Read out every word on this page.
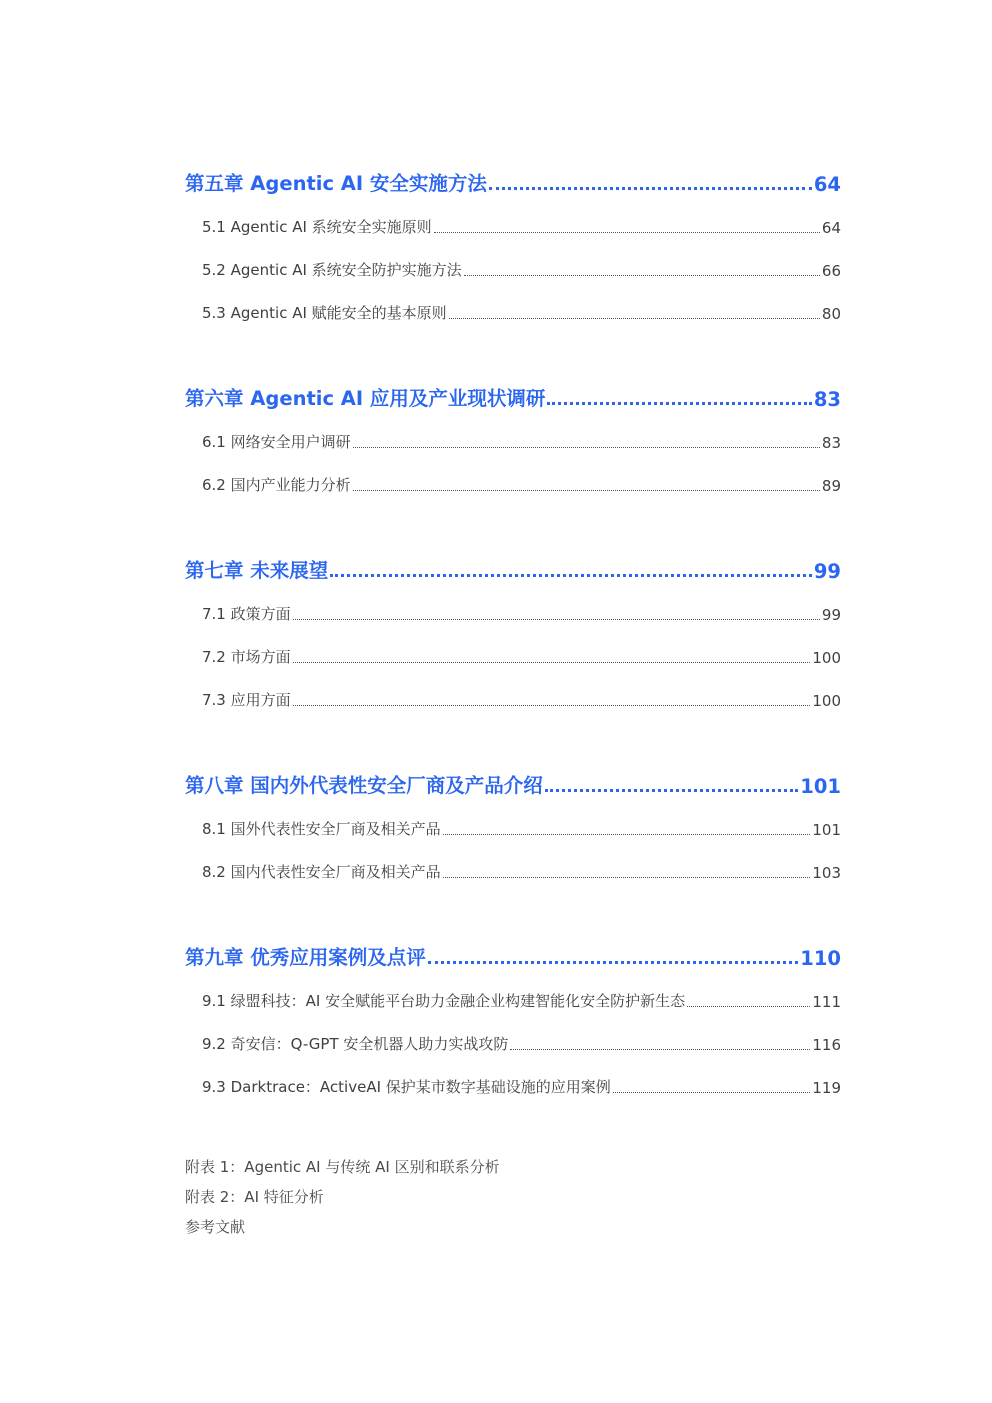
第五章 Agentic AI 安全实施方法	64
5.1 Agentic AI 系统安全实施原则	64
5.2 Agentic AI 系统安全防护实施方法	66
5.3 Agentic AI 赋能安全的基本原则	80
第六章 Agentic AI 应用及产业现状调研	83
6.1 网络安全用户调研	83
6.2 国内产业能力分析	89
第七章 未来展望	99
7.1 政策方面	99
7.2 市场方面	100
7.3 应用方面	100
第八章 国内外代表性安全厂商及产品介绍	101
8.1 国外代表性安全厂商及相关产品	101
8.2 国内代表性安全厂商及相关产品	103
第九章 优秀应用案例及点评	110
9.1 绿盟科技：AI 安全赋能平台助力金融企业构建智能化安全防护新生态	111
9.2 奇安信：Q-GPT 安全机器人助力实战攻防	116
9.3 Darktrace：ActiveAI 保护某市数字基础设施的应用案例	119
附表 1：Agentic AI 与传统 AI 区别和联系分析
附表 2：AI 特征分析
参考文献
